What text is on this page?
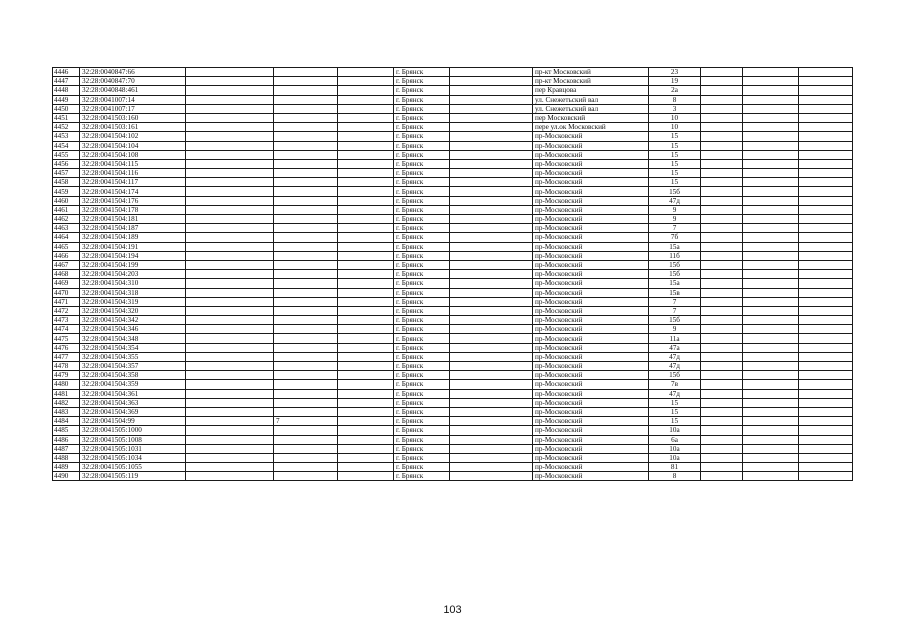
4446	32:28:0040847:66				г. Брянск		пр-кт Московский	23			
4447	32:28:0040847:70				г. Брянск		пр-кт Московский	19			
4448	32:28:0040848:461				г. Брянск		пер Кравцова	2а			
4449	32:28:0041007:14				г. Брянск		ул. Снежетьский вал	8			
4450	32:28:0041007:17				г. Брянск		ул. Снежетьский вал	3			
4451	32:28:0041503:160				г. Брянск		пер Московский	10			
4452	32:28:0041503:161				г. Брянск		пере ул.ок Московский	10			
4453	32:28:0041504:102				г. Брянск		пр-Московский	15			
4454	32:28:0041504:104				г. Брянск		пр-Московский	15			
4455	32:28:0041504:108				г. Брянск		пр-Московский	15			
4456	32:28:0041504:115				г. Брянск		пр-Московский	15			
4457	32:28:0041504:116				г. Брянск		пр-Московский	15			
4458	32:28:0041504:117				г. Брянск		пр-Московский	15			
4459	32:28:0041504:174				г. Брянск		пр-Московский	15б			
4460	32:28:0041504:176				г. Брянск		пр-Московский	47д			
4461	32:28:0041504:178				г. Брянск		пр-Московский	9			
4462	32:28:0041504:181				г. Брянск		пр-Московский	9			
4463	32:28:0041504:187				г. Брянск		пр-Московский	7			
4464	32:28:0041504:189				г. Брянск		пр-Московский	7б			
4465	32:28:0041504:191				г. Брянск		пр-Московский	15а			
4466	32:28:0041504:194				г. Брянск		пр-Московский	11б			
4467	32:28:0041504:199				г. Брянск		пр-Московский	15б			
4468	32:28:0041504:203				г. Брянск		пр-Московский	15б			
4469	32:28:0041504:310				г. Брянск		пр-Московский	15а			
4470	32:28:0041504:318				г. Брянск		пр-Московский	15в			
4471	32:28:0041504:319				г. Брянск		пр-Московский	7			
4472	32:28:0041504:320				г. Брянск		пр-Московский	7			
4473	32:28:0041504:342				г. Брянск		пр-Московский	15б			
4474	32:28:0041504:346				г. Брянск		пр-Московский	9			
4475	32:28:0041504:348				г. Брянск		пр-Московский	11а			
4476	32:28:0041504:354				г. Брянск		пр-Московский	47а			
4477	32:28:0041504:355				г. Брянск		пр-Московский	47д			
4478	32:28:0041504:357				г. Брянск		пр-Московский	47д			
4479	32:28:0041504:358				г. Брянск		пр-Московский	15б			
4480	32:28:0041504:359				г. Брянск		пр-Московский	7в			
4481	32:28:0041504:361				г. Брянск		пр-Московский	47д			
4482	32:28:0041504:363				г. Брянск		пр-Московский	15			
4483	32:28:0041504:369				г. Брянск		пр-Московский	15			
4484	32:28:0041504:99		7		г. Брянск		пр-Московский	15			
4485	32:28:0041505:1000				г. Брянск		пр-Московский	10а			
4486	32:28:0041505:1008				г. Брянск		пр-Московский	6а			
4487	32:28:0041505:1031				г. Брянск		пр-Московский	10а			
4488	32:28:0041505:1034				г. Брянск		пр-Московский	10а			
4489	32:28:0041505:1055				г. Брянск		пр-Московский	81			
4490	32:28:0041505:119				г. Брянск		пр-Московский	8			
103
